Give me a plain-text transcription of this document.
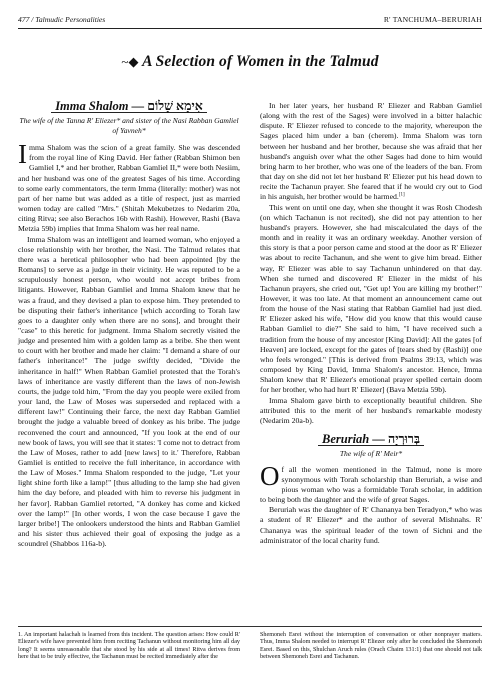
477 / Talmudic Personalities	R' TANCHUMA–BERURIAH
~◆ A Selection of Women in the Talmud
Imma Shalom — אִימָא שָׁלוֹם
The wife of the Tanna R' Eliezer* and sister of the Nasi Rabban Gamliel of Yavneh*

Imma Shalom was the scion of a great family. She was descended from the royal line of King David. Her father (Rabban Shimon ben Gamliel I,* and her brother, Rabban Gamliel II,* were both Nesiim, and her husband was one of the greatest Sages of his time. According to some early commentators, the term Imma (literally: mother) was not part of her name but was added as a title of respect, just as married women today are called "Mrs." (Shitah Mekubetzes to Nedarim 20a, citing Ritva; see also Berachos 16b with Rashi). However, Rashi (Bava Metzia 59b) implies that Imma Shalom was her real name.

Imma Shalom was an intelligent and learned woman, who enjoyed a close relationship with her brother, the Nasi. The Talmud relates that there was a heretical philosopher who had been appointed [by the Romans] to serve as a judge in their vicinity. He was reputed to be a scrupulously honest person, who would not accept bribes from litigants. However, Rabban Gamliel and Imma Shalom knew that he was a fraud, and they devised a plan to expose him. They pretended to be disputing their father's inheritance [which according to Torah law goes to a daughter only when there are no sons], and brought their "case" to this heretic for judgment. Imma Shalom secretly visited the judge and presented him with a golden lamp as a bribe. She then went to court with her brother and made her claim: "I demand a share of our father's inheritance!" The judge swiftly decided, "Divide the inheritance in half!" When Rabban Gamliel protested that the Torah's laws of inheritance are vastly different than the laws of non-Jewish courts, the judge told him, "From the day you people were exiled from your land, the Law of Moses was superseded and replaced with a different law!" Continuing their farce, the next day Rabban Gamliel brought the judge a valuable breed of donkey as his bribe. The judge reconvened the court and announced, "If you look at the end of our new book of laws, you will see that it states: 'I come not to detract from the Law of Moses, rather to add [new laws] to it.' Therefore, Rabban Gamliel is entitled to receive the full inheritance, in accordance with the Law of Moses." Imma Shalom responded to the judge, "Let your light shine forth like a lamp!" [thus alluding to the lamp she had given him the day before, and pleaded with him to reverse his judgment in her favor]. Rabban Gamliel retorted, "A donkey has come and kicked over the lamp!" [In other words, I won the case because I gave the larger bribe!] The onlookers understood the hints and Rabban Gamliel and his sister thus achieved their goal of exposing the judge as a scoundrel (Shabbos 116a-b).

In her later years, her husband R' Eliezer and Rabban Gamliel (along with the rest of the Sages) were involved in a bitter halachic dispute. R' Eliezer refused to concede to the majority, whereupon the Sages placed him under a ban (cherem). Imma Shalom was torn between her husband and her brother, because she was afraid that her husband's anguish over what the other Sages had done to him would bring harm to her brother, who was one of the leaders of the ban. From that day on she did not let her husband R' Eliezer put his head down to recite the Tachanun prayer. She feared that if he would cry out to God in his anguish, her brother would be harmed.[1]

This went on until one day, when she thought it was Rosh Chodesh (on which Tachanun is not recited), she did not pay attention to her husband's prayers. However, she had miscalculated the days of the month and in reality it was an ordinary weekday. Another version of this story is that a poor person came and stood at the door as R' Eliezer was about to recite Tachanun, and she went to give him bread. Either way, R' Eliezer was able to say Tachanun unhindered on that day. When she turned and discovered R' Eliezer in the midst of his Tachanun prayers, she cried out, "Get up! You are killing my brother!" However, it was too late. At that moment an announcement came out from the house of the Nasi stating that Rabban Gamliel had just died. R' Eliezer asked his wife, "How did you know that this would cause Rabban Gamliel to die?" She said to him, "I have received such a tradition from the house of my ancestor [King David]: All the gates [of Heaven] are locked, except for the gates of [tears shed by (Rashi)] one who feels wronged." [This is derived from Psalms 39:13, which was composed by King David, Imma Shalom's ancestor. Hence, Imma Shalom knew that R' Eliezer's emotional prayer spelled certain doom for her brother, who had hurt R' Eliezer] (Bava Metzia 59b).

Imma Shalom gave birth to exceptionally beautiful children. She attributed this to the merit of her husband's remarkable modesty (Nedarim 20a-b).

Beruriah — בְּרוּרְיָה
The wife of R' Meir*

Of all the women mentioned in the Talmud, none is more synonymous with Torah scholarship than Beruriah, a wise and pious woman who was a formidable Torah scholar, in addition to being both the daughter and the wife of great Sages.

Beruriah was the daughter of R' Chananya ben Teradyon,* who was a student of R' Eliezer* and the author of several Mishnahs. R' Chananya was the spiritual leader of the town of Sichni and the administrator of the local charity fund.

1. An important halachah is learned from this incident. The question arises: How could R' Eliezer's wife have prevented him from reciting Tachanun without monitoring him all day long? It seems unreasonable that she stood by his side at all times! Ritva derives from here that to be truly effective, the Tachanun must be recited immediately after the

Shemoneh Esrei without the interruption of conversation or other nonprayer matters. Thus, Imma Shalom needed to interrupt R' Eliezer only after he concluded the Shemoneh Esrei. Based on this, Shulchan Aruch rules (Orach Chaim 131:1) that one should not talk between Shemoneh Esrei and Tachanun.
